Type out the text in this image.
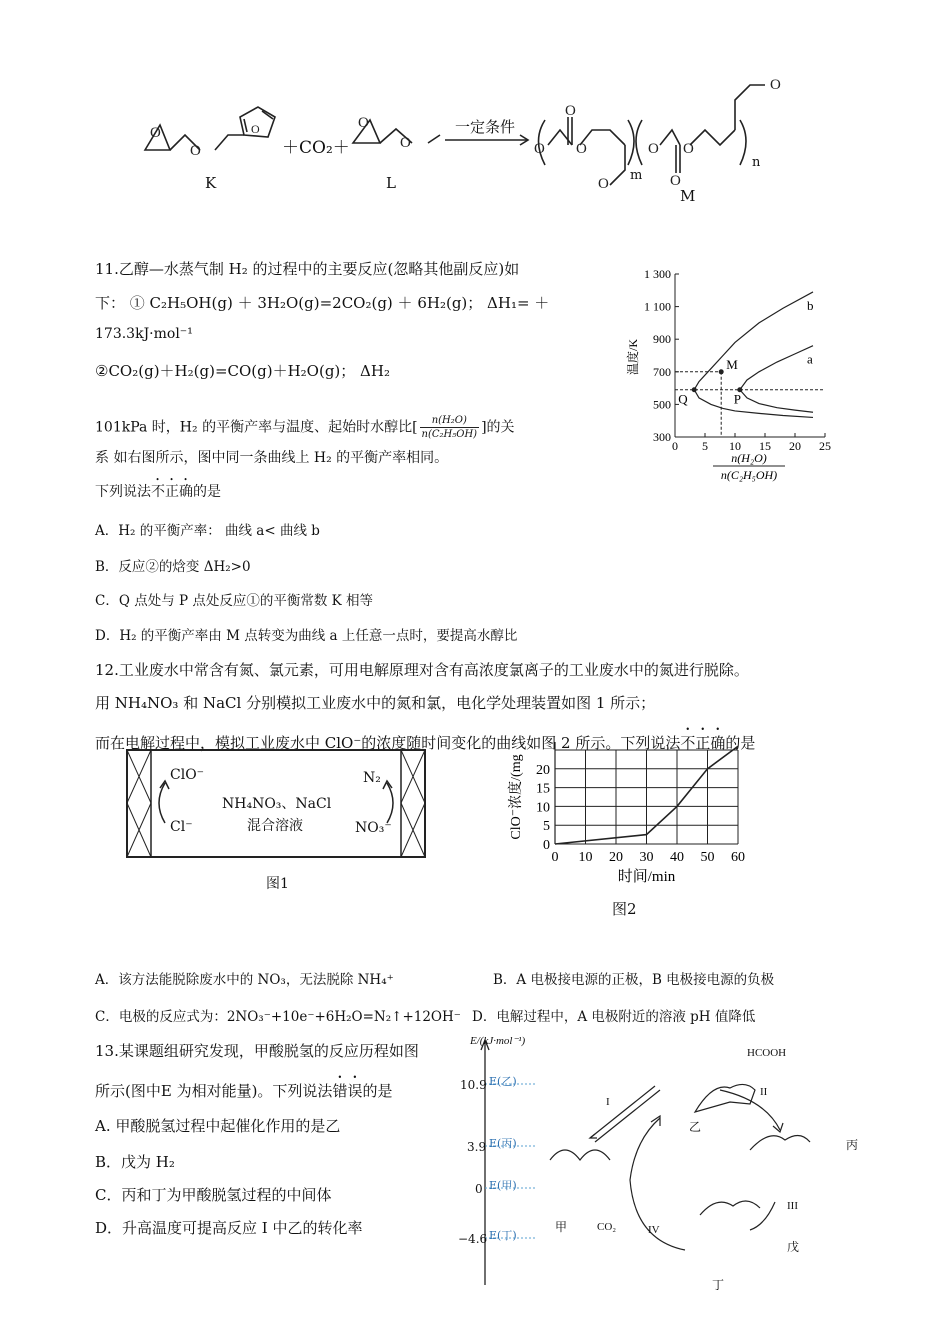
O
O	O
O
O
O
O
O
O
O
O
O
O
＋CO₂＋
一定条件
K	L
M
m
n
11.乙醇—水蒸气制 H₂ 的过程中的主要反应(忽略其他副反应)如
下： ① C₂H₅OH(g) ＋ 3H₂O(g)=2CO₂(g) ＋ 6H₂(g)； ΔH₁= ＋
173.3kJ·mol⁻¹
②CO₂(g)＋H₂(g)=CO(g)＋H₂O(g)； ΔH₂
101kPa 时，H₂ 的平衡产率与温度、起始时水醇比[ $\frac{\text{n(H₂O)}}{\text{n(C₂H₅OH)}}$ ]的关
系 如右图所示，图中同一条曲线上 H₂ 的平衡产率相同。
下列说法不正确的是
A．H₂ 的平衡产率： 曲线 a< 曲线 b
B．反应②的焓变 ΔH₂>0
C．Q 点处与 P 点处反应①的平衡常数 K 相等
D．H₂ 的平衡产率由 M 点转变为曲线 a 上任意一点时，要提高水醇比
0 5 10 15 20 25
300
500
700
900
1 100
1 300
b
a
M
Q	P
温度/K
n(H₂O)
n(C₂H₅OH)
12.工业废水中常含有氮、氯元素，可用电解原理对含有高浓度氯离子的工业废水中的氮进行脱除。
用 NH₄NO₃ 和 NaCl 分别模拟工业废水中的氮和氯，电化学处理装置如图 1 所示；
而在电解过程中，模拟工业废水中 ClO⁻的浓度随时间变化的曲线如图 2 所示。下列说法不正确的是
ClO⁻
Cl⁻
N₂
NO₃⁻
NH₄NO₃、NaCl
混合溶液
图1
0 10 20 30 40 50 60
0
5
10
15
20
ClO⁻浓度/(mg
时间/min
图2
A．该方法能脱除废水中的 NO₃，无法脱除 NH₄⁺	B．A 电极接电源的正极，B 电极接电源的负极
C．电极的反应式为：2NO₃⁻+10e⁻+6H₂O=N₂↑+12OH⁻ D．电解过程中，A 电极附近的溶液 pH 值降低
13.某课题组研究发现，甲酸脱氢的反应历程如图
所示(图中E 为相对能量)。下列说法错误的是
A. 甲酸脱氢过程中起催化作用的是乙
B．戊为 H₂
C．丙和丁为甲酸脱氢过程的中间体
D．升高温度可提高反应 I 中乙的转化率
E/(kJ·mol⁻¹)
10.9 E(乙)
3.9 E(丙)
0 E(甲)
−4.6 E(丁)
甲
乙
丙
丁
戊
I
II
III
IV
HCOOH
CO₂
